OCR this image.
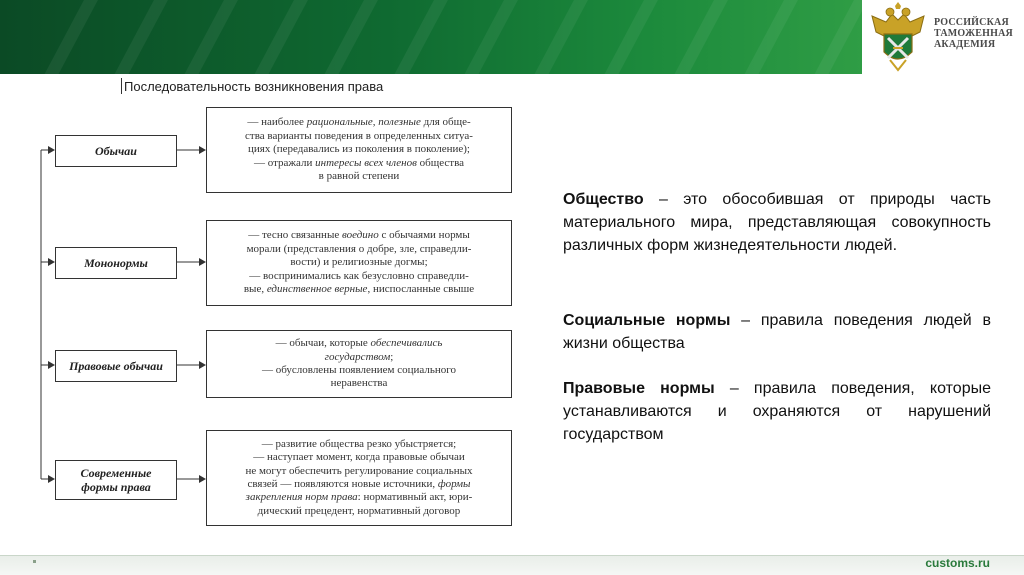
РОССИЙСКАЯ
ТАМОЖЕННАЯ
АКАДЕМИЯ
Последовательность возникновения права
Обычаи
— наиболее рациональные, полезные для обще-
ства варианты поведения в определенных ситуа-
циях (передавались из поколения в поколение);
— отражали интересы всех членов общества
в равной степени
Мононормы
— тесно связанные воедино с обычаями нормы
морали (представления о добре, зле, справедли-
вости) и религиозные догмы;
— воспринимались как безусловно справедли-
вые, единственное верные, ниспосланные свыше
Правовые обычаи
— обычаи, которые обеспечивались
государством;
— обусловлены появлением социального
неравенства
Современные
формы права
— развитие общества резко убыстряется;
— наступает момент, когда правовые обычаи
не могут обеспечить регулирование социальных
связей — появляются новые источники, формы
закрепления норм права: нормативный акт, юри-
дический прецедент, нормативный договор
customs.ru
Общество – это обособившая от природы часть материального мира, представляющая совокупность различных форм жизнедеятельности людей.
Социальные нормы – правила поведения людей в жизни общества
Правовые нормы – правила поведения, которые устанавливаются и охраняются от нарушений государством
